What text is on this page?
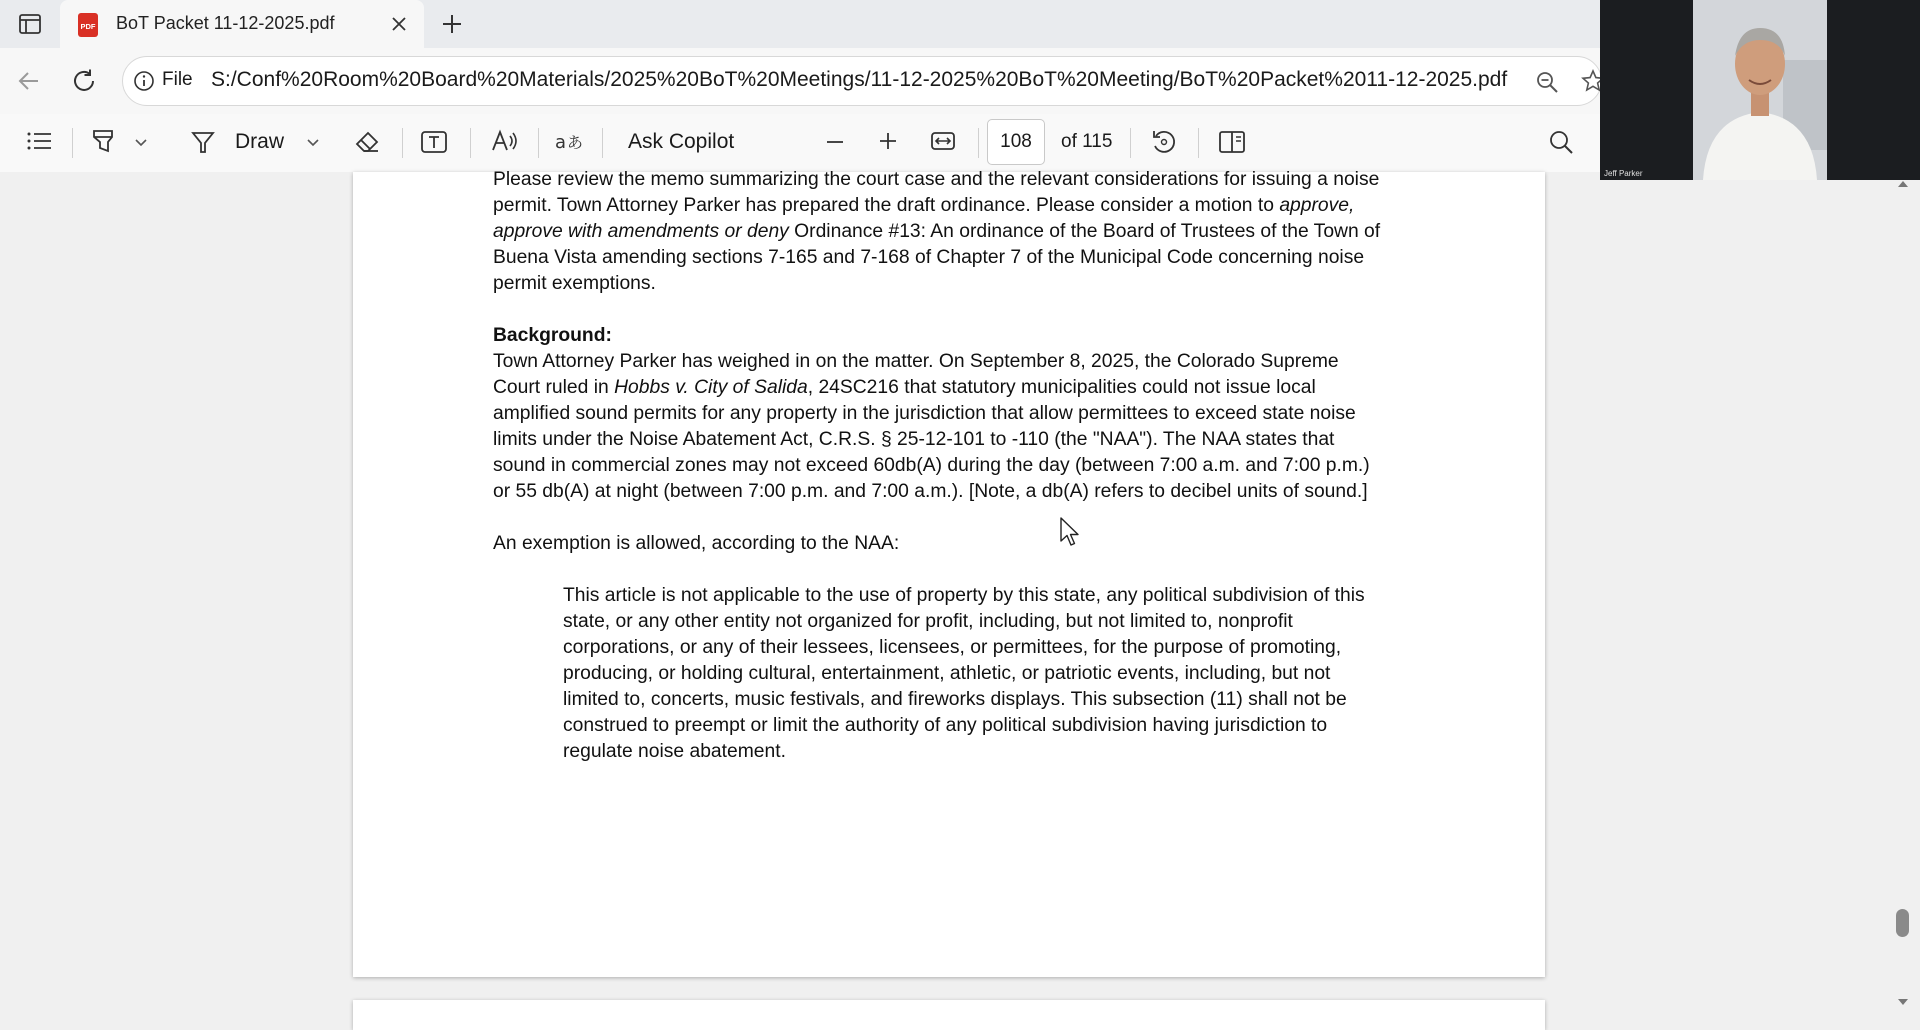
PDF BoT Packet 11-12-2025.pdf
File S:/Conf%20Room%20Board%20Materials/2025%20BoT%20Meetings/11-12-2025%20BoT%20Meeting/BoT%20Packet%2011-12-2025.pdf
Draw	a あ Ask Copilot	108	of 115
Please review the memo summarizing the court case and the relevant considerations for issuing a noise
permit. Town Attorney Parker has prepared the draft ordinance. Please consider a motion to approve,
approve with amendments or deny Ordinance #13: An ordinance of the Board of Trustees of the Town of
Buena Vista amending sections 7-165 and 7-168 of Chapter 7 of the Municipal Code concerning noise
permit exemptions.
Background:
Town Attorney Parker has weighed in on the matter. On September 8, 2025, the Colorado Supreme
Court ruled in Hobbs v. City of Salida, 24SC216 that statutory municipalities could not issue local
amplified sound permits for any property in the jurisdiction that allow permittees to exceed state noise
limits under the Noise Abatement Act, C.R.S. § 25-12-101 to -110 (the "NAA"). The NAA states that
sound in commercial zones may not exceed 60db(A) during the day (between 7:00 a.m. and 7:00 p.m.)
or 55 db(A) at night (between 7:00 p.m. and 7:00 a.m.). [Note, a db(A) refers to decibel units of sound.]
An exemption is allowed, according to the NAA:
This article is not applicable to the use of property by this state, any political subdivision of this
state, or any other entity not organized for profit, including, but not limited to, nonprofit
corporations, or any of their lessees, licensees, or permittees, for the purpose of promoting,
producing, or holding cultural, entertainment, athletic, or patriotic events, including, but not
limited to, concerts, music festivals, and fireworks displays. This subsection (11) shall not be
construed to preempt or limit the authority of any political subdivision having jurisdiction to
regulate noise abatement.
Jeff Parker
